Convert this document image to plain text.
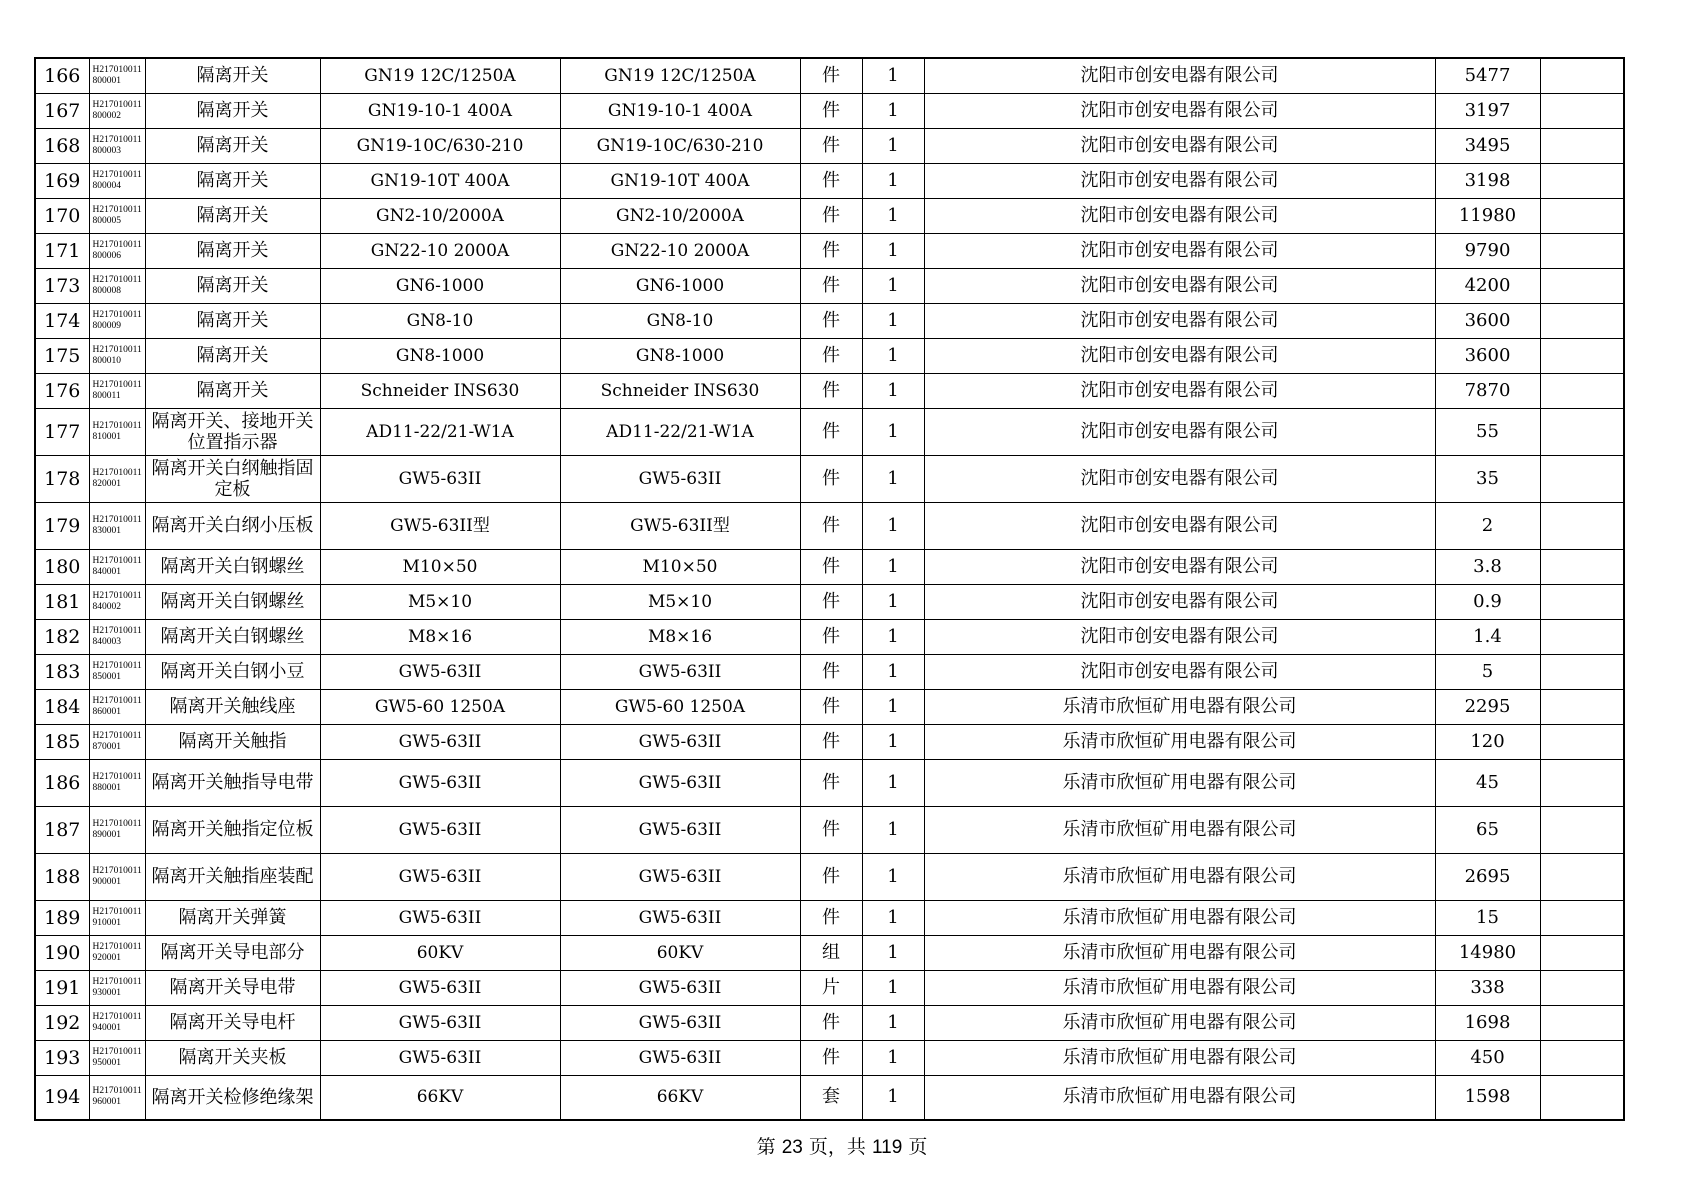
166	H217010011800001	隔离开关	GN19 12C/1250A	GN19 12C/1250A	件	1	沈阳市创安电器有限公司	5477	
167	H217010011800002	隔离开关	GN19-10-1 400A	GN19-10-1 400A	件	1	沈阳市创安电器有限公司	3197	
168	H217010011800003	隔离开关	GN19-10C/630-210	GN19-10C/630-210	件	1	沈阳市创安电器有限公司	3495	
169	H217010011800004	隔离开关	GN19-10T 400A	GN19-10T 400A	件	1	沈阳市创安电器有限公司	3198	
170	H217010011800005	隔离开关	GN2-10/2000A	GN2-10/2000A	件	1	沈阳市创安电器有限公司	11980	
171	H217010011800006	隔离开关	GN22-10 2000A	GN22-10 2000A	件	1	沈阳市创安电器有限公司	9790	
173	H217010011800008	隔离开关	GN6-1000	GN6-1000	件	1	沈阳市创安电器有限公司	4200	
174	H217010011800009	隔离开关	GN8-10	GN8-10	件	1	沈阳市创安电器有限公司	3600	
175	H217010011800010	隔离开关	GN8-1000	GN8-1000	件	1	沈阳市创安电器有限公司	3600	
176	H217010011800011	隔离开关	Schneider INS630	Schneider INS630	件	1	沈阳市创安电器有限公司	7870	
177	H217010011810001	隔离开关、接地开关位置指示器	AD11-22/21-W1A	AD11-22/21-W1A	件	1	沈阳市创安电器有限公司	55	
178	H217010011820001	隔离开关白纲触指固定板	GW5-63II	GW5-63II	件	1	沈阳市创安电器有限公司	35	
179	H217010011830001	隔离开关白纲小压板	GW5-63II型	GW5-63II型	件	1	沈阳市创安电器有限公司	2	
180	H217010011840001	隔离开关白钢螺丝	M10×50	M10×50	件	1	沈阳市创安电器有限公司	3.8	
181	H217010011840002	隔离开关白钢螺丝	M5×10	M5×10	件	1	沈阳市创安电器有限公司	0.9	
182	H217010011840003	隔离开关白钢螺丝	M8×16	M8×16	件	1	沈阳市创安电器有限公司	1.4	
183	H217010011850001	隔离开关白钢小豆	GW5-63II	GW5-63II	件	1	沈阳市创安电器有限公司	5	
184	H217010011860001	隔离开关触线座	GW5-60 1250A	GW5-60 1250A	件	1	乐清市欣恒矿用电器有限公司	2295	
185	H217010011870001	隔离开关触指	GW5-63II	GW5-63II	件	1	乐清市欣恒矿用电器有限公司	120	
186	H217010011880001	隔离开关触指导电带	GW5-63II	GW5-63II	件	1	乐清市欣恒矿用电器有限公司	45	
187	H217010011890001	隔离开关触指定位板	GW5-63II	GW5-63II	件	1	乐清市欣恒矿用电器有限公司	65	
188	H217010011900001	隔离开关触指座装配	GW5-63II	GW5-63II	件	1	乐清市欣恒矿用电器有限公司	2695	
189	H217010011910001	隔离开关弹簧	GW5-63II	GW5-63II	件	1	乐清市欣恒矿用电器有限公司	15	
190	H217010011920001	隔离开关导电部分	60KV	60KV	组	1	乐清市欣恒矿用电器有限公司	14980	
191	H217010011930001	隔离开关导电带	GW5-63II	GW5-63II	片	1	乐清市欣恒矿用电器有限公司	338	
192	H217010011940001	隔离开关导电杆	GW5-63II	GW5-63II	件	1	乐清市欣恒矿用电器有限公司	1698	
193	H217010011950001	隔离开关夹板	GW5-63II	GW5-63II	件	1	乐清市欣恒矿用电器有限公司	450	
194	H217010011960001	隔离开关检修绝缘架	66KV	66KV	套	1	乐清市欣恒矿用电器有限公司	1598	
第 23 页，共 119 页
